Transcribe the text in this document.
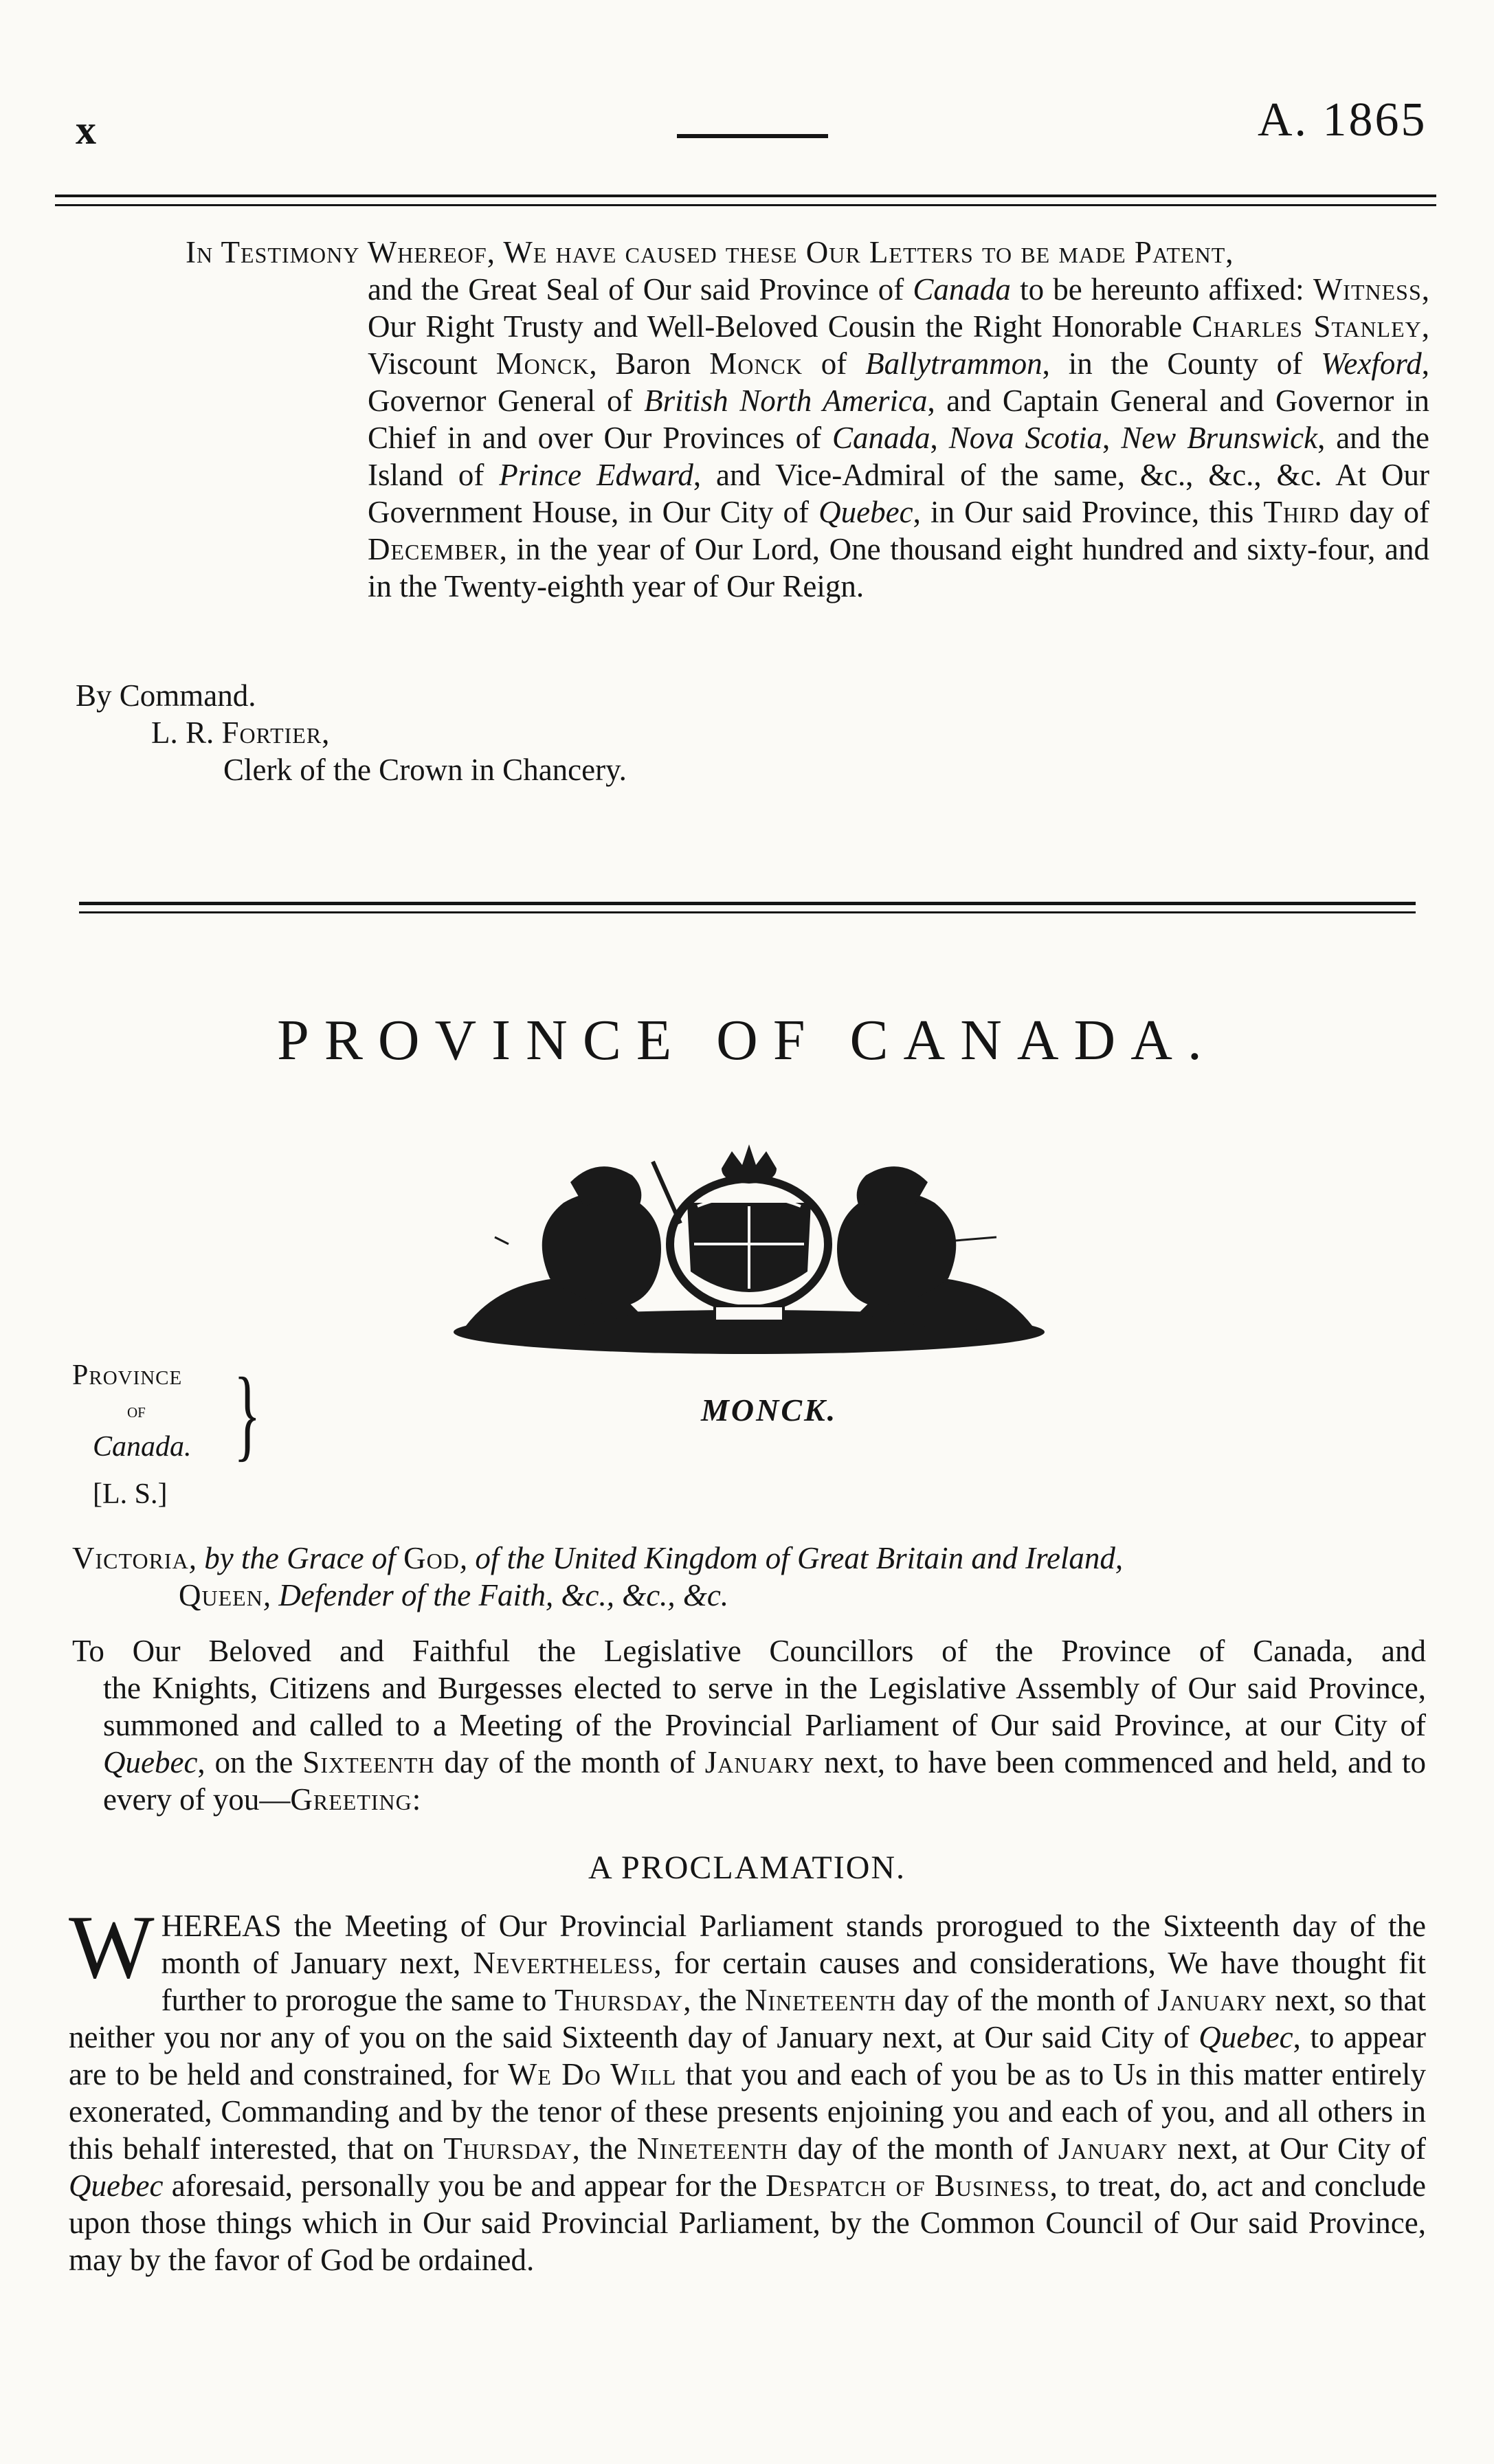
x	A. 1865
In Testimony Whereof, We have caused these Our Letters to be made Patent,
and the Great Seal of Our said Province of Canada to be hereunto affixed: Witness, Our Right Trusty and Well-Beloved Cousin the Right Honorable Charles Stanley, Viscount Monck, Baron Monck of Ballytrammon, in the County of Wexford, Governor General of British North America, and Captain General and Governor in Chief in and over Our Provinces of Canada, Nova Scotia, New Brunswick, and the Island of Prince Edward, and Vice-Admiral of the same, &c., &c., &c. At Our Government House, in Our City of Quebec, in Our said Province, this Third day of December, in the year of Our Lord, One thousand eight hundred and sixty-four, and in the Twenty-eighth year of Our Reign.
By Command.
L. R. Fortier,
Clerk of the Crown in Chancery.
PROVINCE OF CANADA.
Province
of
Canada. }
[L. S.]
MONCK.
Victoria, by the Grace of God, of the United Kingdom of Great Britain and Ireland,
Queen, Defender of the Faith, &c., &c., &c.
To Our Beloved and Faithful the Legislative Councillors of the Province of Canada, and
the Knights, Citizens and Burgesses elected to serve in the Legislative Assembly of Our said Province, summoned and called to a Meeting of the Provincial Parliament of Our said Province, at our City of Quebec, on the Sixteenth day of the month of January next, to have been commenced and held, and to every of you—Greeting:
A PROCLAMATION.
WHEREAS the Meeting of Our Provincial Parliament stands prorogued to the Sixteenth day of the month of January next, Nevertheless, for certain causes and considerations, We have thought fit further to prorogue the same to Thursday, the Nineteenth day of the month of January next, so that neither you nor any of you on the said Sixteenth day of January next, at Our said City of Quebec, to appear are to be held and constrained, for We Do Will that you and each of you be as to Us in this matter entirely exonerated, Commanding and by the tenor of these presents enjoining you and each of you, and all others in this behalf interested, that on Thursday, the Nineteenth day of the month of January next, at Our City of Quebec aforesaid, personally you be and appear for the Despatch of Business, to treat, do, act and conclude upon those things which in Our said Provincial Parliament, by the Common Council of Our said Province, may by the favor of God be ordained.
